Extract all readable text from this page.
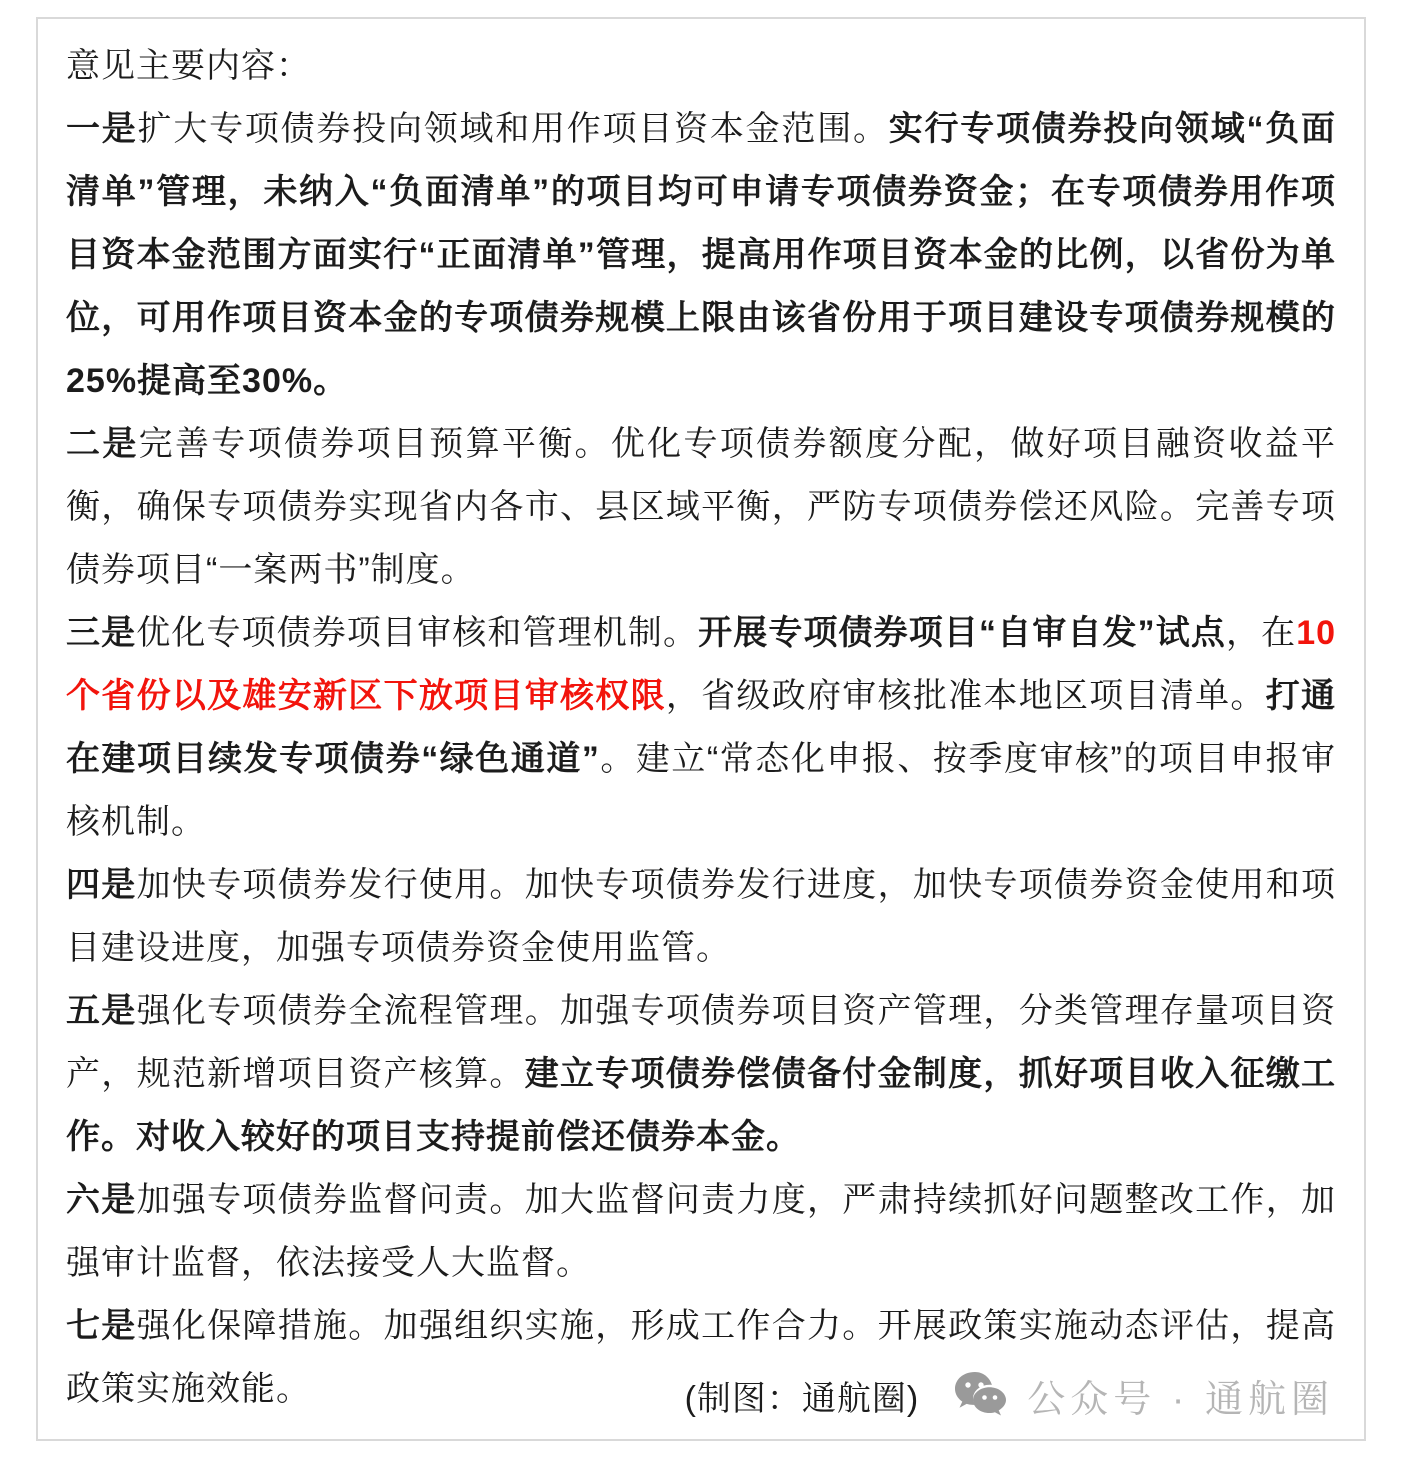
意见主要内容：

一是扩大专项债券投向领域和用作项目资本金范围。实行专项债券投向领域“负面清单”管理，未纳入“负面清单”的项目均可申请专项债券资金；在专项债券用作项目资本金范围方面实行“正面清单”管理，提高用作项目资本金的比例，以省份为单位，可用作项目资本金的专项债券规模上限由该省份用于项目建设专项债券规模的25%提高至30%。

二是完善专项债券项目预算平衡。优化专项债券额度分配，做好项目融资收益平衡，确保专项债券实现省内各市、县区域平衡，严防专项债券偿还风险。完善专项债券项目“一案两书”制度。

三是优化专项债券项目审核和管理机制。开展专项债券项目“自审自发”试点，在10个省份以及雄安新区下放项目审核权限，省级政府审核批准本地区项目清单。打通在建项目续发专项债券“绿色通道”。建立“常态化申报、按季度审核”的项目申报审核机制。

四是加快专项债券发行使用。加快专项债券发行进度，加快专项债券资金使用和项目建设进度，加强专项债券资金使用监管。

五是强化专项债券全流程管理。加强专项债券项目资产管理，分类管理存量项目资产，规范新增项目资产核算。建立专项债券偿债备付金制度，抓好项目收入征缴工作。对收入较好的项目支持提前偿还债券本金。

六是加强专项债券监督问责。加大监督问责力度，严肃持续抓好问题整改工作，加强审计监督，依法接受人大监督。

七是强化保障措施。加强组织实施，形成工作合力。开展政策实施动态评估，提高政策实施效能。	(制图：通航圈)	公众号 · 通航圈
